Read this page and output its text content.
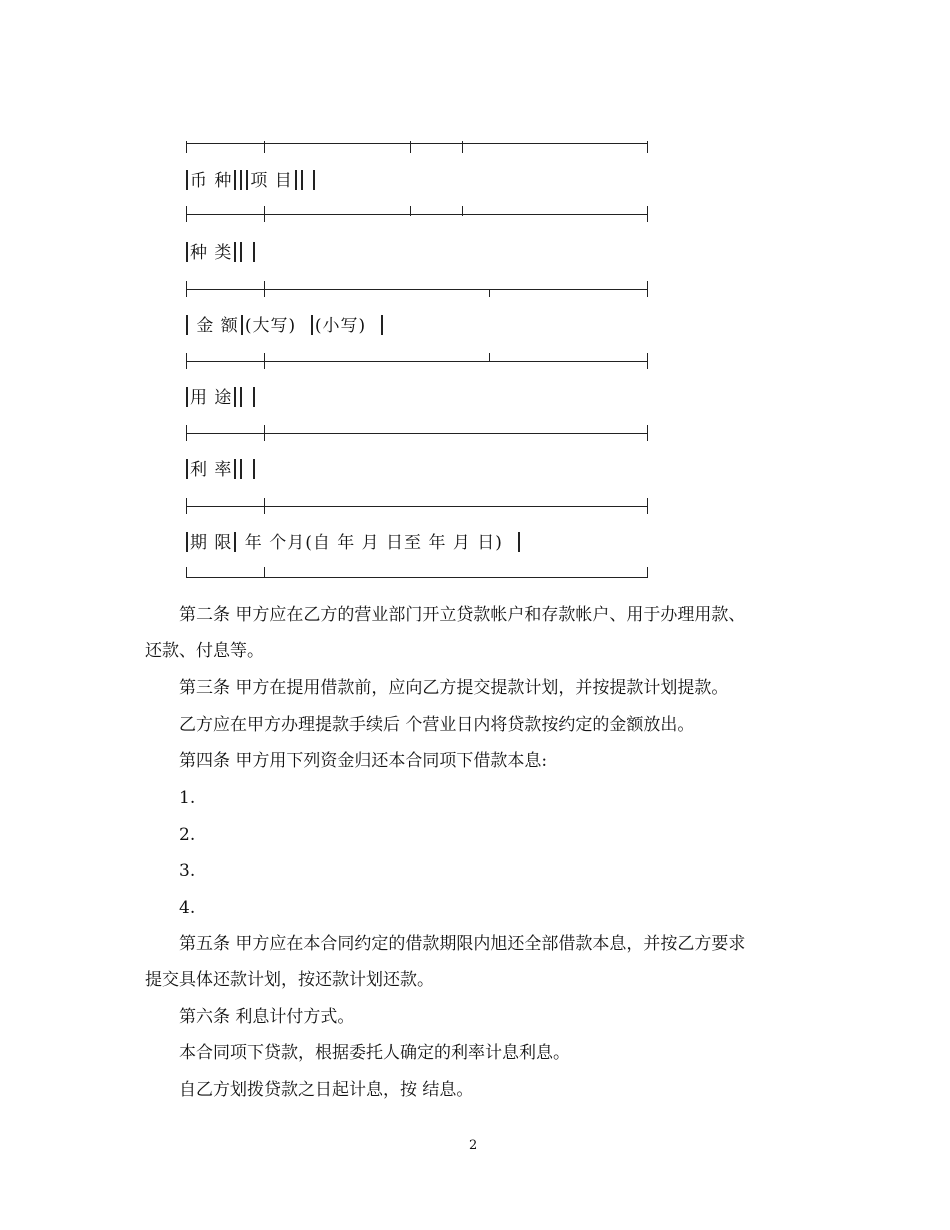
币 种 项 目
种 类
金 额 (大写) (小写)
用 途
利 率
期 限 年 个月(自 年 月 日至 年 月 日)
第二条 甲方应在乙方的营业部门开立贷款帐户和存款帐户、用于办理用款、
还款、付息等。
第三条 甲方在提用借款前，应向乙方提交提款计划，并按提款计划提款。
乙方应在甲方办理提款手续后 个营业日内将贷款按约定的金额放出。
第四条 甲方用下列资金归还本合同项下借款本息:
1.
2.
3.
4.
第五条 甲方应在本合同约定的借款期限内旭还全部借款本息，并按乙方要求
提交具体还款计划，按还款计划还款。
第六条 利息计付方式。
本合同项下贷款，根据委托人确定的利率计息利息。
自乙方划拨贷款之日起计息，按 结息。
2
